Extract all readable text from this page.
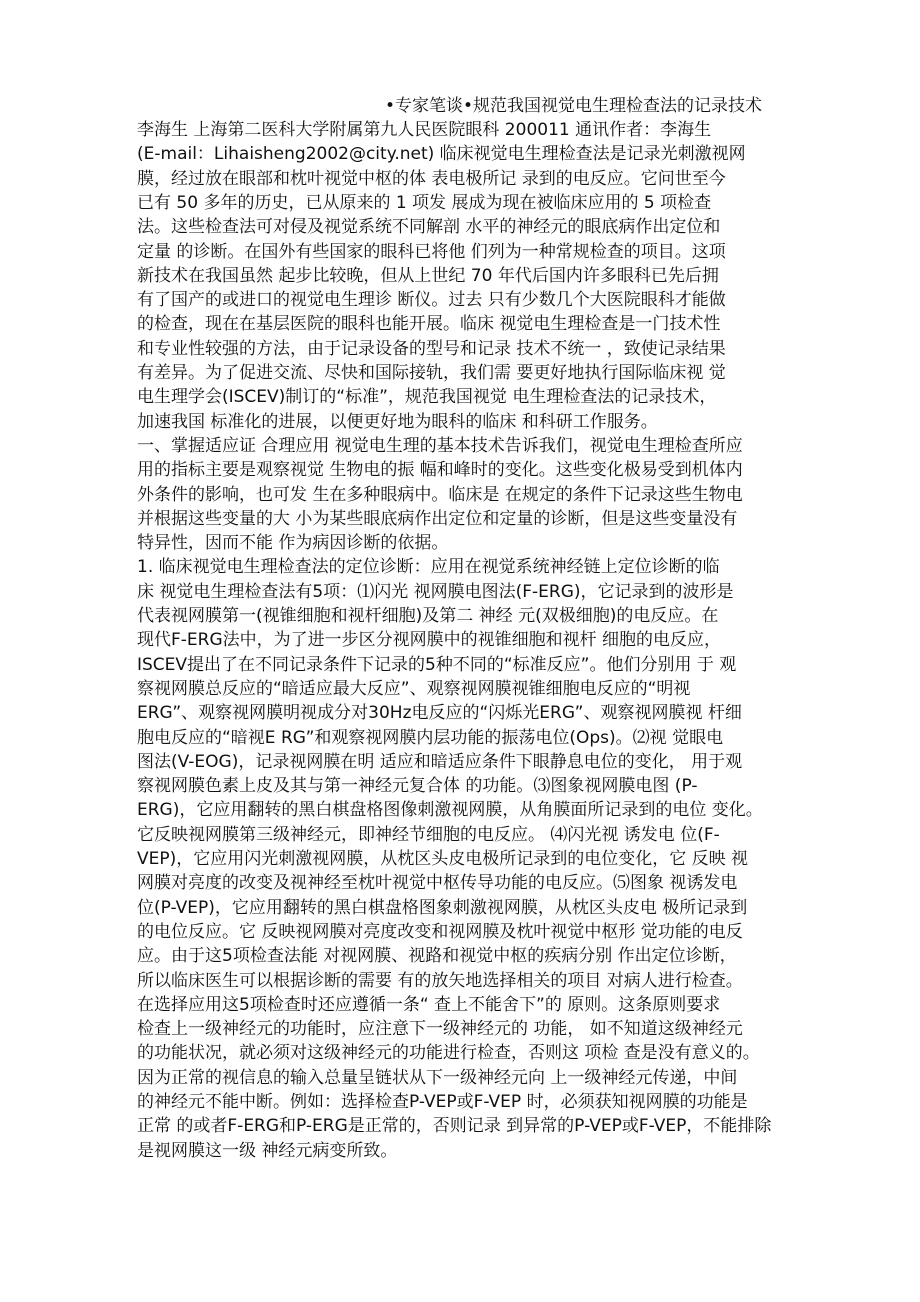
•专家笔谈•规范我国视觉电生理检查法的记录技术
李海生 上海第二医科大学附属第九人民医院眼科 200011 通讯作者：李海生
(E-mail：Lihaisheng2002@city.net) 临床视觉电生理检查法是记录光刺激视网
膜，经过放在眼部和枕叶视觉中枢的体 表电极所记 录到的电反应。它问世至今
已有 50 多年的历史，已从原来的 1 项发 展成为现在被临床应用的 5 项检查
法。这些检查法可对侵及视觉系统不同解剖 水平的神经元的眼底病作出定位和
定量 的诊断。在国外有些国家的眼科已将他 们列为一种常规检查的项目。这项
新技术在我国虽然 起步比较晚，但从上世纪 70 年代后国内许多眼科已先后拥
有了国产的或进口的视觉电生理诊 断仪。过去 只有少数几个大医院眼科才能做
的检查，现在在基层医院的眼科也能开展。临床 视觉电生理检查是一门技术性
和专业性较强的方法，由于记录设备的型号和记录 技术不统一 ，致使记录结果
有差异。为了促进交流、尽快和国际接轨，我们需 要更好地执行国际临床视 觉
电生理学会(ISCEV)制订的“标准”，规范我国视觉 电生理检查法的记录技术，
加速我国 标准化的进展，以便更好地为眼科的临床 和科研工作服务。
一、掌握适应证 合理应用 视觉电生理的基本技术告诉我们，视觉电生理检查所应
用的指标主要是观察视觉 生物电的振 幅和峰时的变化。这些变化极易受到机体内
外条件的影响，也可发 生在多种眼病中。临床是 在规定的条件下记录这些生物电
并根据这些变量的大 小为某些眼底病作出定位和定量的诊断，但是这些变量没有
特异性，因而不能 作为病因诊断的依据。
1. 临床视觉电生理检查法的定位诊断：应用在视觉系统神经链上定位诊断的临
床 视觉电生理检查法有5项：⑴闪光 视网膜电图法(F-ERG)，它记录到的波形是
代表视网膜第一(视锥细胞和视杆细胞)及第二 神经 元(双极细胞)的电反应。在
现代F-ERG法中，为了进一步区分视网膜中的视锥细胞和视杆 细胞的电反应，
ISCEV提出了在不同记录条件下记录的5种不同的“标准反应”。他们分别用 于 观
察视网膜总反应的“暗适应最大反应”、观察视网膜视锥细胞电反应的“明视
ERG”、观察视网膜明视成分对30Hz电反应的“闪烁光ERG”、观察视网膜视 杆细
胞电反应的“暗视E RG”和观察视网膜内层功能的振荡电位(Ops)。⑵视 觉眼电
图法(V-EOG)，记录视网膜在明 适应和暗适应条件下眼静息电位的变化， 用于观
察视网膜色素上皮及其与第一神经元复合体 的功能。⑶图象视网膜电图 (P-
ERG)，它应用翻转的黑白棋盘格图像刺激视网膜，从角膜面所记录到的电位 变化。
它反映视网膜第三级神经元，即神经节细胞的电反应。 ⑷闪光视 诱发电 位(F-
VEP)，它应用闪光刺激视网膜，从枕区头皮电极所记录到的电位变化，它 反映 视
网膜对亮度的改变及视神经至枕叶视觉中枢传导功能的电反应。⑸图象 视诱发电
位(P-VEP)，它应用翻转的黑白棋盘格图象刺激视网膜，从枕区头皮电 极所记录到
的电位反应。它 反映视网膜对亮度改变和视网膜及枕叶视觉中枢形 觉功能的电反
应。由于这5项检查法能 对视网膜、视路和视觉中枢的疾病分别 作出定位诊断，
所以临床医生可以根据诊断的需要 有的放矢地选择相关的项目 对病人进行检查。
在选择应用这5项检查时还应遵循一条“ 查上不能舍下”的 原则。这条原则要求
检查上一级神经元的功能时，应注意下一级神经元的 功能， 如不知道这级神经元
的功能状况，就必须对这级神经元的功能进行检查，否则这 项检 查是没有意义的。
因为正常的视信息的输入总量呈链状从下一级神经元向 上一级神经元传递，中间
的神经元不能中断。例如：选择检查P-VEP或F-VEP 时，必须获知视网膜的功能是
正常 的或者F-ERG和P-ERG是正常的，否则记录 到异常的P-VEP或F-VEP，不能排除
是视网膜这一级 神经元病变所致。
